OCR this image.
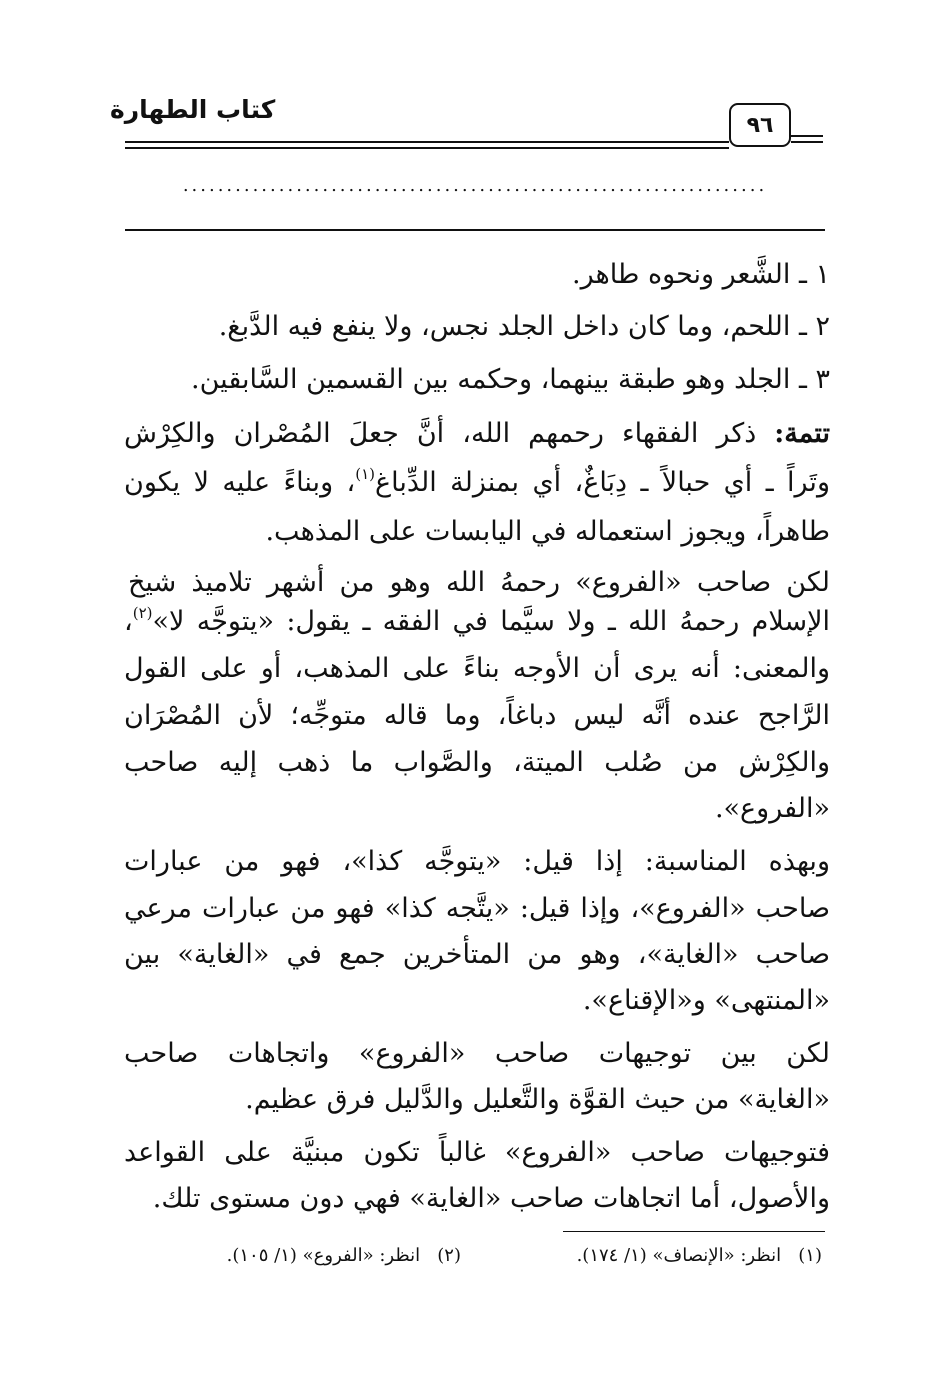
كتاب الطهارة
٩٦
...................................................................
١ ـ الشَّعر ونحوه طاهر.
٢ ـ اللحم، وما كان داخل الجلد نجس، ولا ينفع فيه الدَّبغ.
٣ ـ الجلد وهو طبقة بينهما، وحكمه بين القسمين السَّابقين.
تتمة: ذكر الفقهاء رحمهم الله، أنَّ جعلَ المُصْران والكِرْش
وتَراً ـ أي حبالاً ـ دِبَاغٌ، أي بمنزلة الدِّباغ$^{(١)}$، وبناءً عليه لا يكون
طاهراً، ويجوز استعماله في اليابسات على المذهب.
لكن صاحب «الفروع» رحمهُ الله وهو من أشهر تلاميذ شيخ
الإسلام رحمهُ الله ـ ولا سيَّما في الفقه ـ يقول: «يتوجَّه لا»$^{(٢)}$،
والمعنى: أنه يرى أن الأوجه بناءً على المذهب، أو على القول
الرَّاجح عنده أنَّه ليس دباغاً، وما قاله متوجِّه؛ لأن المُصْرَان
والكِرْش من صُلب الميتة، والصَّواب ما ذهب إليه صاحب
«الفروع».
وبهذه المناسبة: إذا قيل: «يتوجَّه كذا»، فهو من عبارات
صاحب «الفروع»، وإذا قيل: «يتَّجه كذا» فهو من عبارات مرعي
صاحب «الغاية»، وهو من المتأخرين جمع في «الغاية» بين
«المنتهى» و«الإقناع».
لكن بين توجيهات صاحب «الفروع» واتجاهات صاحب
«الغاية» من حيث القوَّة والتَّعليل والدَّليل فرق عظيم.
فتوجيهات صاحب «الفروع» غالباً تكون مبنيَّة على القواعد
والأصول، أما اتجاهات صاحب «الغاية» فهي دون مستوى تلك.
(١)   انظر: «الإنصاف» (١/ ١٧٤).
(٢)   انظر: «الفروع» (١/ ١٠٥).
